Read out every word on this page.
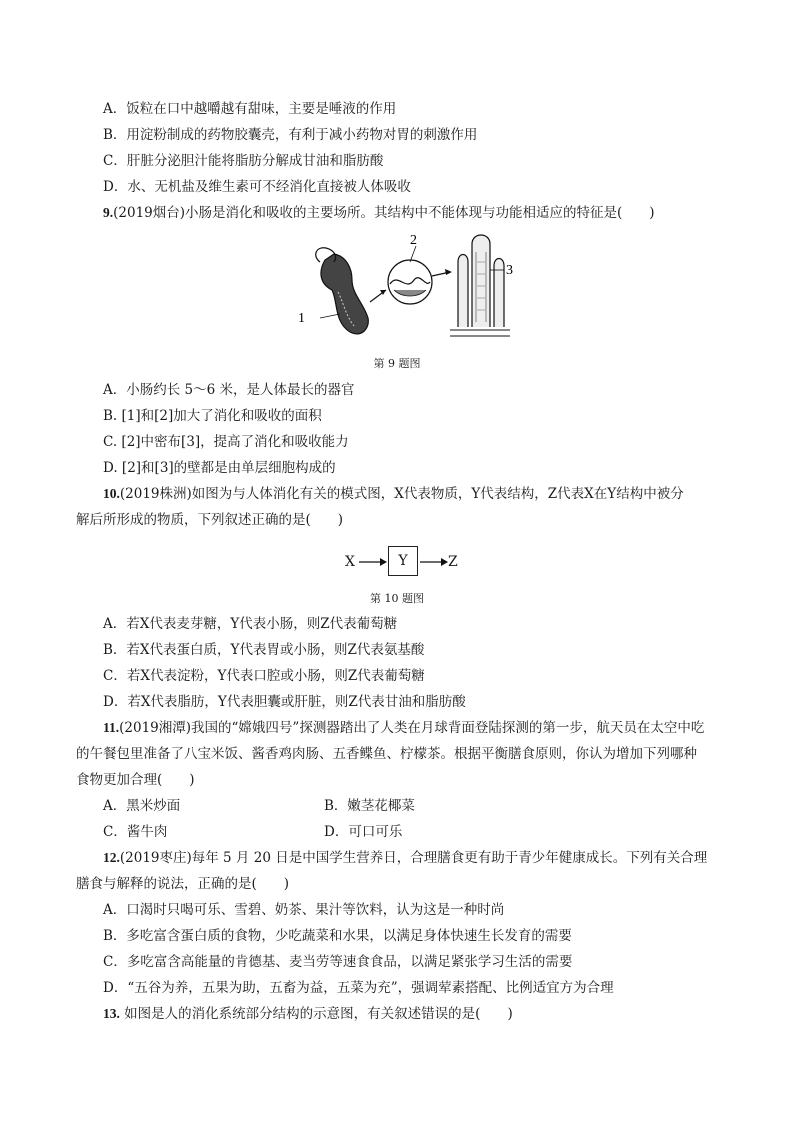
A．饭粒在口中越嚼越有甜味，主要是唾液的作用
B．用淀粉制成的药物胶囊壳，有利于减小药物对胃的刺激作用
C．肝脏分泌胆汁能将脂肪分解成甘油和脂肪酸
D．水、无机盐及维生素可不经消化直接被人体吸收
9.(2019烟台)小肠是消化和吸收的主要场所。其结构中不能体现与功能相适应的特征是(　　)
1
2
3
第 9 题图
A．小肠约长 5～6 米，是人体最长的器官
B. [1]和[2]加大了消化和吸收的面积
C. [2]中密布[3]，提高了消化和吸收能力
D. [2]和[3]的壁都是由单层细胞构成的
10.(2019株洲)如图为与人体消化有关的模式图，X代表物质，Y代表结构，Z代表X在Y结构中被分
解后所形成的物质，下列叙述正确的是(　　)
X	Y	Z
第 10 题图
A．若X代表麦芽糖，Y代表小肠，则Z代表葡萄糖
B．若X代表蛋白质，Y代表胃或小肠，则Z代表氨基酸
C．若X代表淀粉，Y代表口腔或小肠，则Z代表葡萄糖
D．若X代表脂肪，Y代表胆囊或肝脏，则Z代表甘油和脂肪酸
11.(2019湘潭)我国的“嫦娥四号”探测器踏出了人类在月球背面登陆探测的第一步，航天员在太空中吃
的午餐包里准备了八宝米饭、酱香鸡肉肠、五香鲽鱼、柠檬茶。根据平衡膳食原则，你认为增加下列哪种
食物更加合理(　　)
A．黑米炒面	B．嫩茎花椰菜
C．酱牛肉	D．可口可乐
12.(2019枣庄)每年 5 月 20 日是中国学生营养日，合理膳食更有助于青少年健康成长。下列有关合理
膳食与解释的说法，正确的是(　　)
A．口渴时只喝可乐、雪碧、奶茶、果汁等饮料，认为这是一种时尚
B．多吃富含蛋白质的食物，少吃蔬菜和水果，以满足身体快速生长发育的需要
C．多吃富含高能量的肯德基、麦当劳等速食食品，以满足紧张学习生活的需要
D．“五谷为养，五果为助，五畜为益，五菜为充”，强调荤素搭配、比例适宜方为合理
13. 如图是人的消化系统部分结构的示意图，有关叙述错误的是(　　)
